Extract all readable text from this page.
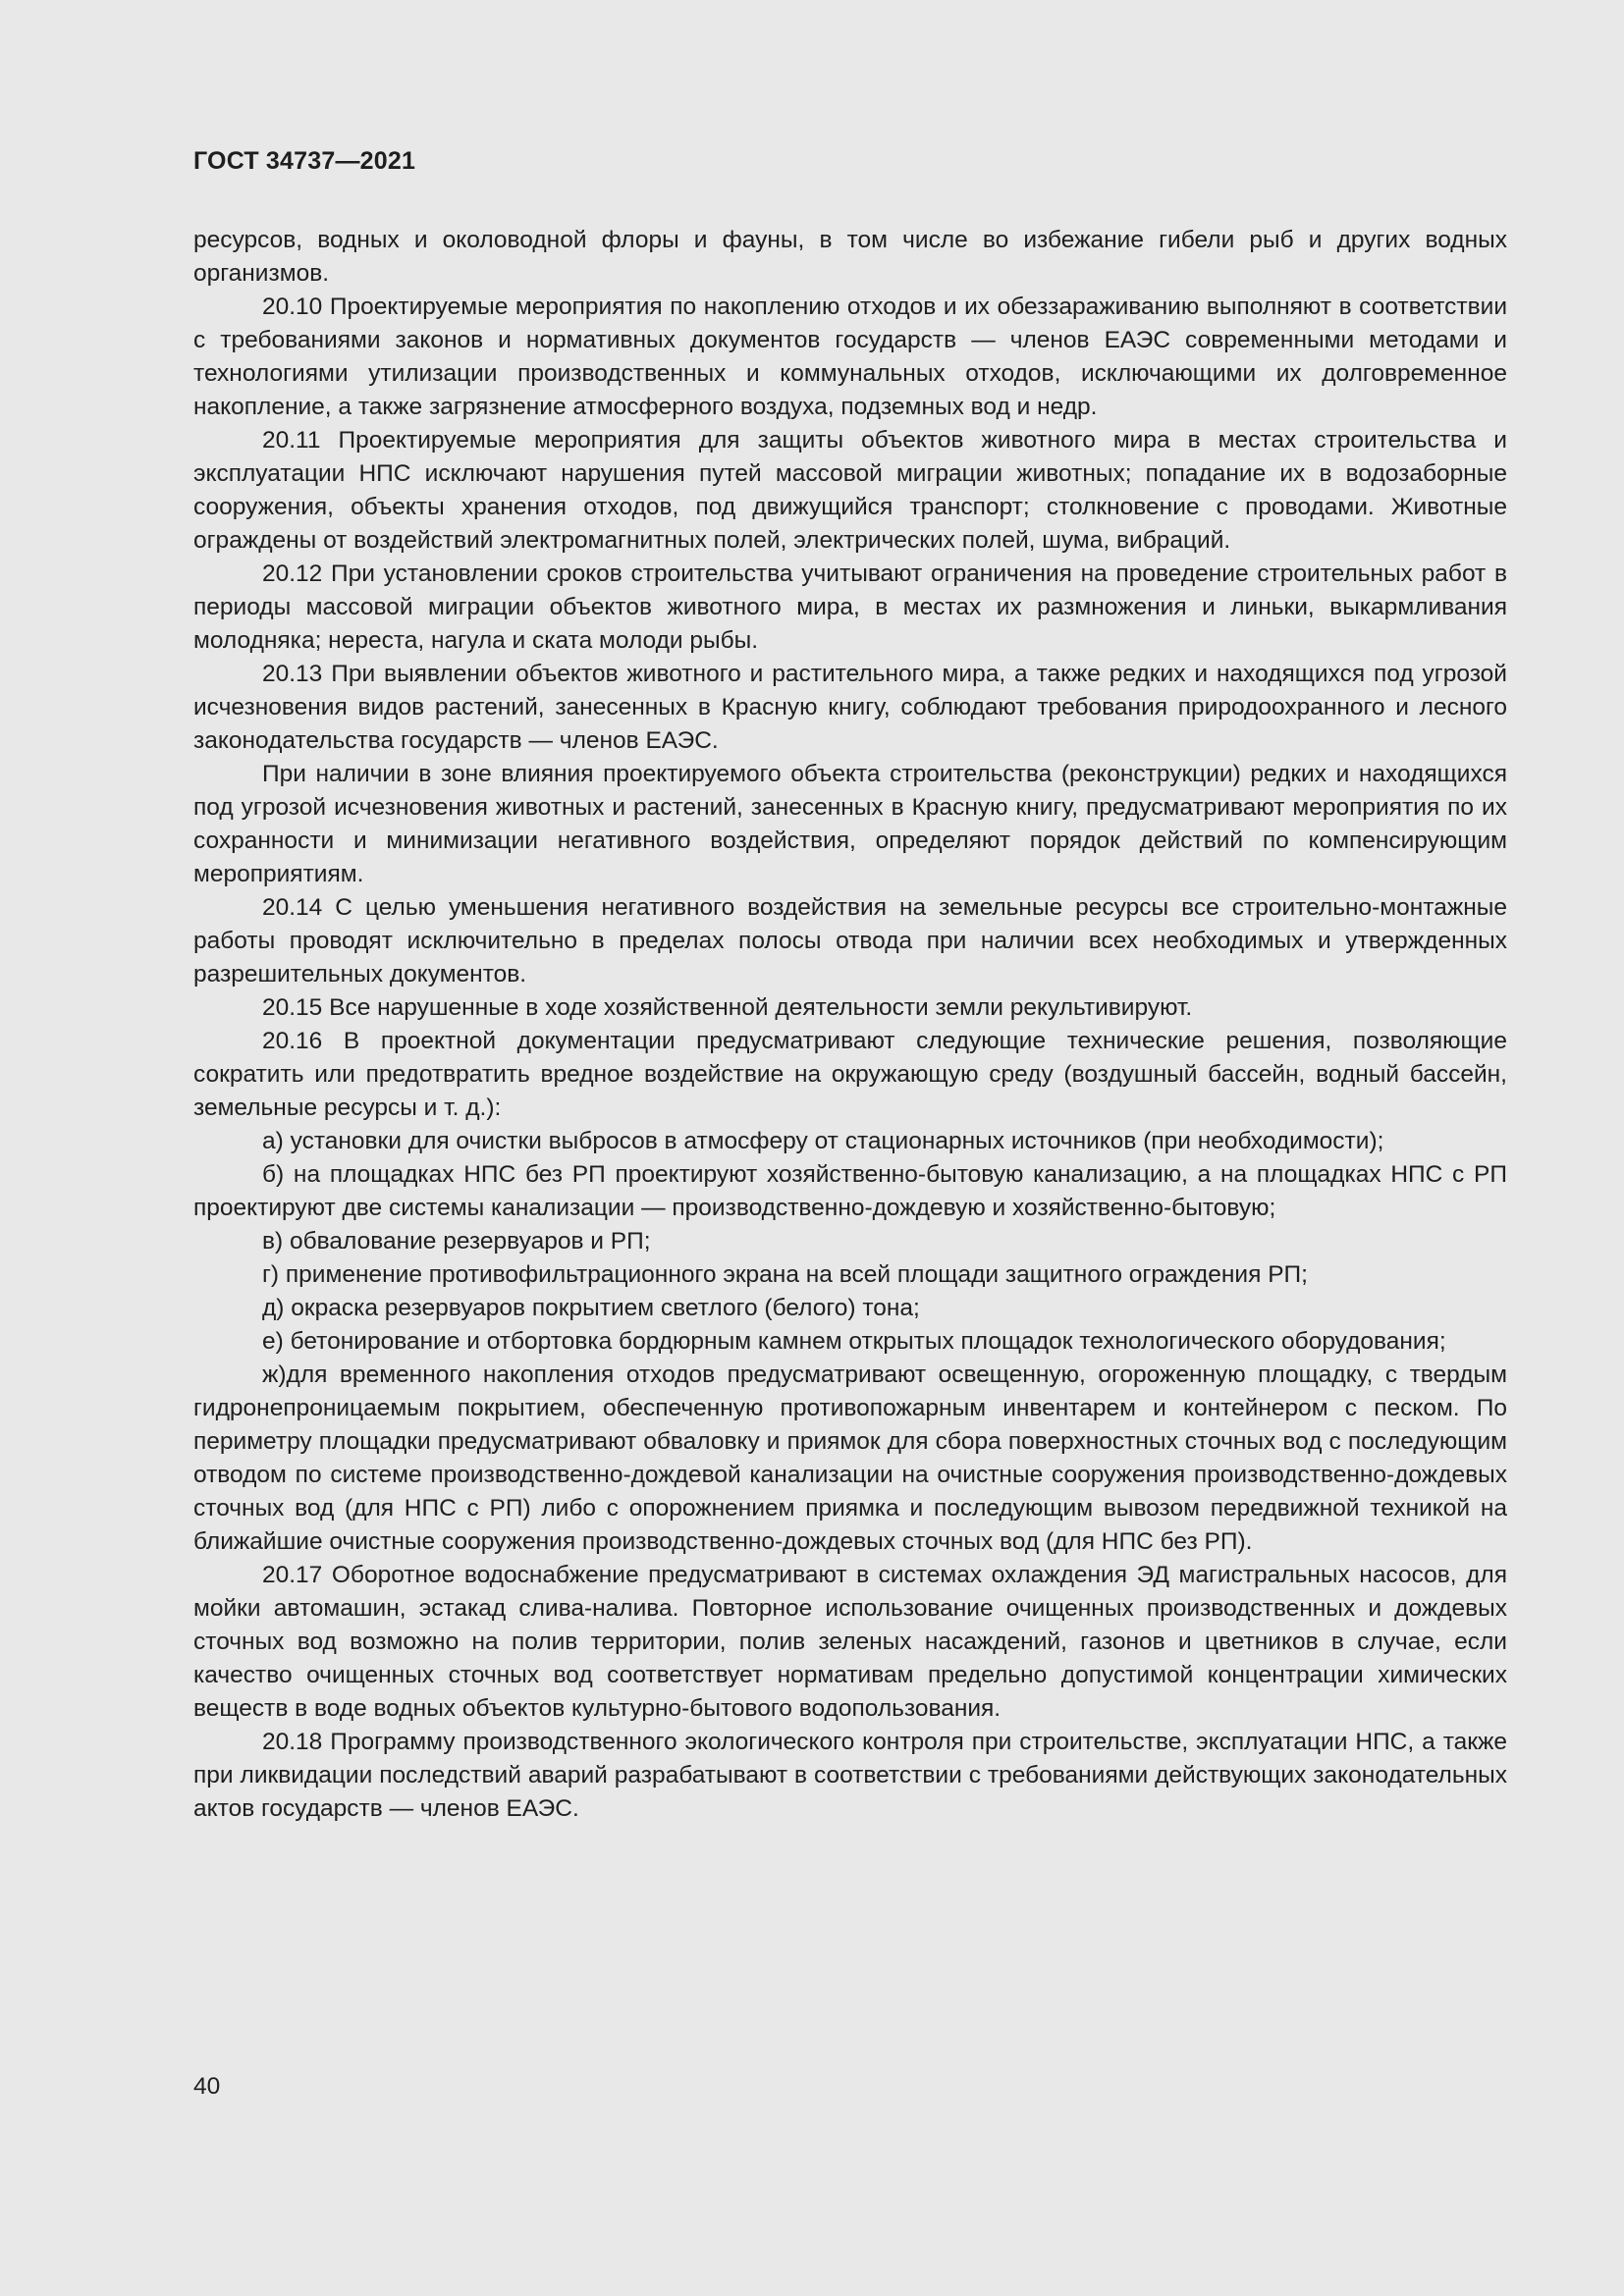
ГОСТ 34737—2021

ресурсов, водных и околоводной флоры и фауны, в том числе во избежание гибели рыб и других водных организмов.

20.10 Проектируемые мероприятия по накоплению отходов и их обеззараживанию выполняют в соответствии с требованиями законов и нормативных документов государств — членов ЕАЭС современными методами и технологиями утилизации производственных и коммунальных отходов, исключающими их долговременное накопление, а также загрязнение атмосферного воздуха, подземных вод и недр.

20.11 Проектируемые мероприятия для защиты объектов животного мира в местах строительства и эксплуатации НПС исключают нарушения путей массовой миграции животных; попадание их в водозаборные сооружения, объекты хранения отходов, под движущийся транспорт; столкновение с проводами. Животные ограждены от воздействий электромагнитных полей, электрических полей, шума, вибраций.

20.12 При установлении сроков строительства учитывают ограничения на проведение строительных работ в периоды массовой миграции объектов животного мира, в местах их размножения и линьки, выкармливания молодняка; нереста, нагула и ската молоди рыбы.

20.13 При выявлении объектов животного и растительного мира, а также редких и находящихся под угрозой исчезновения видов растений, занесенных в Красную книгу, соблюдают требования природоохранного и лесного законодательства государств — членов ЕАЭС.

При наличии в зоне влияния проектируемого объекта строительства (реконструкции) редких и находящихся под угрозой исчезновения животных и растений, занесенных в Красную книгу, предусматривают мероприятия по их сохранности и минимизации негативного воздействия, определяют порядок действий по компенсирующим мероприятиям.

20.14 С целью уменьшения негативного воздействия на земельные ресурсы все строительно-монтажные работы проводят исключительно в пределах полосы отвода при наличии всех необходимых и утвержденных разрешительных документов.

20.15 Все нарушенные в ходе хозяйственной деятельности земли рекультивируют.

20.16 В проектной документации предусматривают следующие технические решения, позволяющие сократить или предотвратить вредное воздействие на окружающую среду (воздушный бассейн, водный бассейн, земельные ресурсы и т. д.):

а) установки для очистки выбросов в атмосферу от стационарных источников (при необходимости);

б) на площадках НПС без РП проектируют хозяйственно-бытовую канализацию, а на площадках НПС с РП проектируют две системы канализации — производственно-дождевую и хозяйственно-бытовую;

в) обвалование резервуаров и РП;

г) применение противофильтрационного экрана на всей площади защитного ограждения РП;

д) окраска резервуаров покрытием светлого (белого) тона;

е) бетонирование и отбортовка бордюрным камнем открытых площадок технологического оборудования;

ж)для временного накопления отходов предусматривают освещенную, огороженную площадку, с твердым гидронепроницаемым покрытием, обеспеченную противопожарным инвентарем и контейнером с песком. По периметру площадки предусматривают обваловку и приямок для сбора поверхностных сточных вод с последующим отводом по системе производственно-дождевой канализации на очистные сооружения производственно-дождевых сточных вод (для НПС с РП) либо с опорожнением приямка и последующим вывозом передвижной техникой на ближайшие очистные сооружения производственно-дождевых сточных вод (для НПС без РП).

20.17 Оборотное водоснабжение предусматривают в системах охлаждения ЭД магистральных насосов, для мойки автомашин, эстакад слива-налива. Повторное использование очищенных производственных и дождевых сточных вод возможно на полив территории, полив зеленых насаждений, газонов и цветников в случае, если качество очищенных сточных вод соответствует нормативам предельно допустимой концентрации химических веществ в воде водных объектов культурно-бытового водопользования.

20.18 Программу производственного экологического контроля при строительстве, эксплуатации НПС, а также при ликвидации последствий аварий разрабатывают в соответствии с требованиями действующих законодательных актов государств — членов ЕАЭС.

40
